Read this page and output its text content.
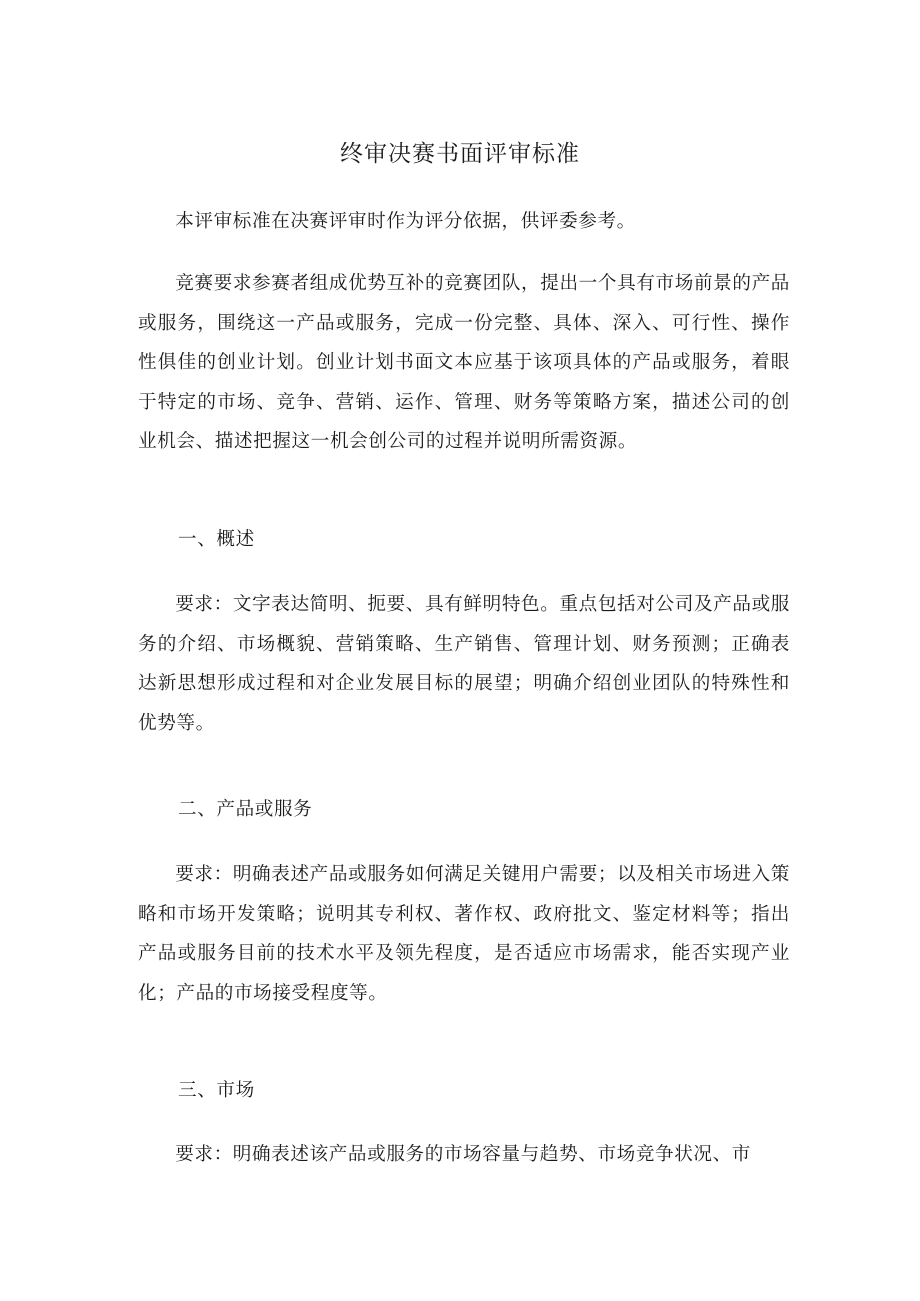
终审决赛书面评审标准

本评审标准在决赛评审时作为评分依据，供评委参考。

竞赛要求参赛者组成优势互补的竞赛团队，提出一个具有市场前景的产品或服务，围绕这一产品或服务，完成一份完整、具体、深入、可行性、操作性俱佳的创业计划。创业计划书面文本应基于该项具体的产品或服务，着眼于特定的市场、竞争、营销、运作、管理、财务等策略方案，描述公司的创业机会、描述把握这一机会创公司的过程并说明所需资源。

一、概述

要求：文字表达简明、扼要、具有鲜明特色。重点包括对公司及产品或服务的介绍、市场概貌、营销策略、生产销售、管理计划、财务预测；正确表达新思想形成过程和对企业发展目标的展望；明确介绍创业团队的特殊性和优势等。

二、产品或服务

要求：明确表述产品或服务如何满足关键用户需要；以及相关市场进入策略和市场开发策略；说明其专利权、著作权、政府批文、鉴定材料等；指出产品或服务目前的技术水平及领先程度，是否适应市场需求，能否实现产业化；产品的市场接受程度等。

三、市场

要求：明确表述该产品或服务的市场容量与趋势、市场竞争状况、市
